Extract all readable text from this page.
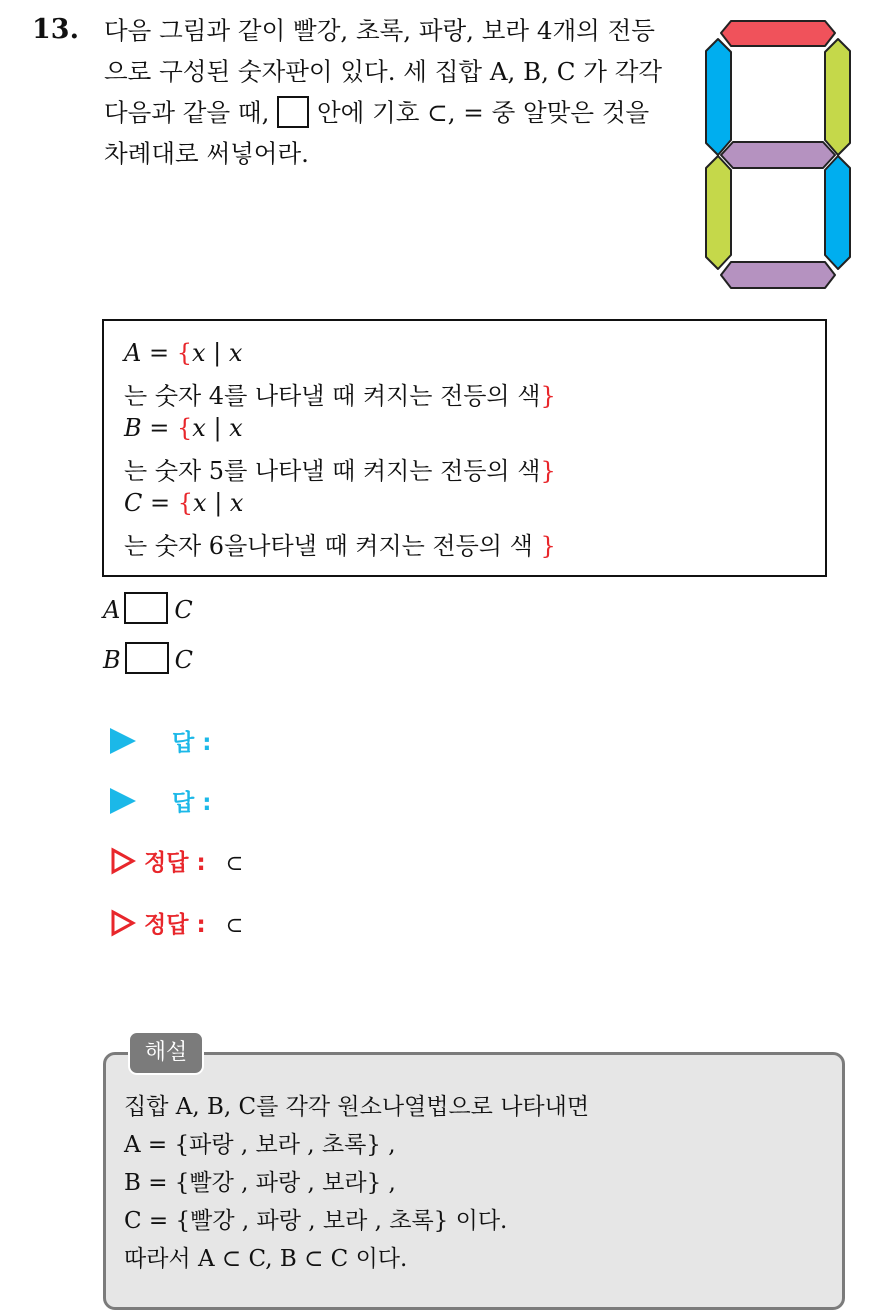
13. 다음 그림과 같이 빨강, 초록, 파랑, 보라 4개의 전등

으로 구성된 숫자판이 있다. 세 집합 A, B, C 가 각각

다음과 같을 때,  안에 기호 ⊂, = 중 알맞은 것을

차례대로 써넣어라.

A = {x | x
는 숫자 4를 나타낼 때 켜지는 전등의 색}
B = {x | x
는 숫자 5를 나타낼 때 켜지는 전등의 색}
C = {x | x
는 숫자 6을나타낼 때 켜지는 전등의 색 }
A C
B C
답 :
답 :
정답 : ⊂
정답 : ⊂
해설

집합 A, B, C를 각각 원소나열법으로 나타내면

A = {파랑 , 보라 , 초록} ,

B = {빨강 , 파랑 , 보라} ,

C = {빨강 , 파랑 , 보라 , 초록} 이다.

따라서 A ⊂ C, B ⊂ C 이다.
